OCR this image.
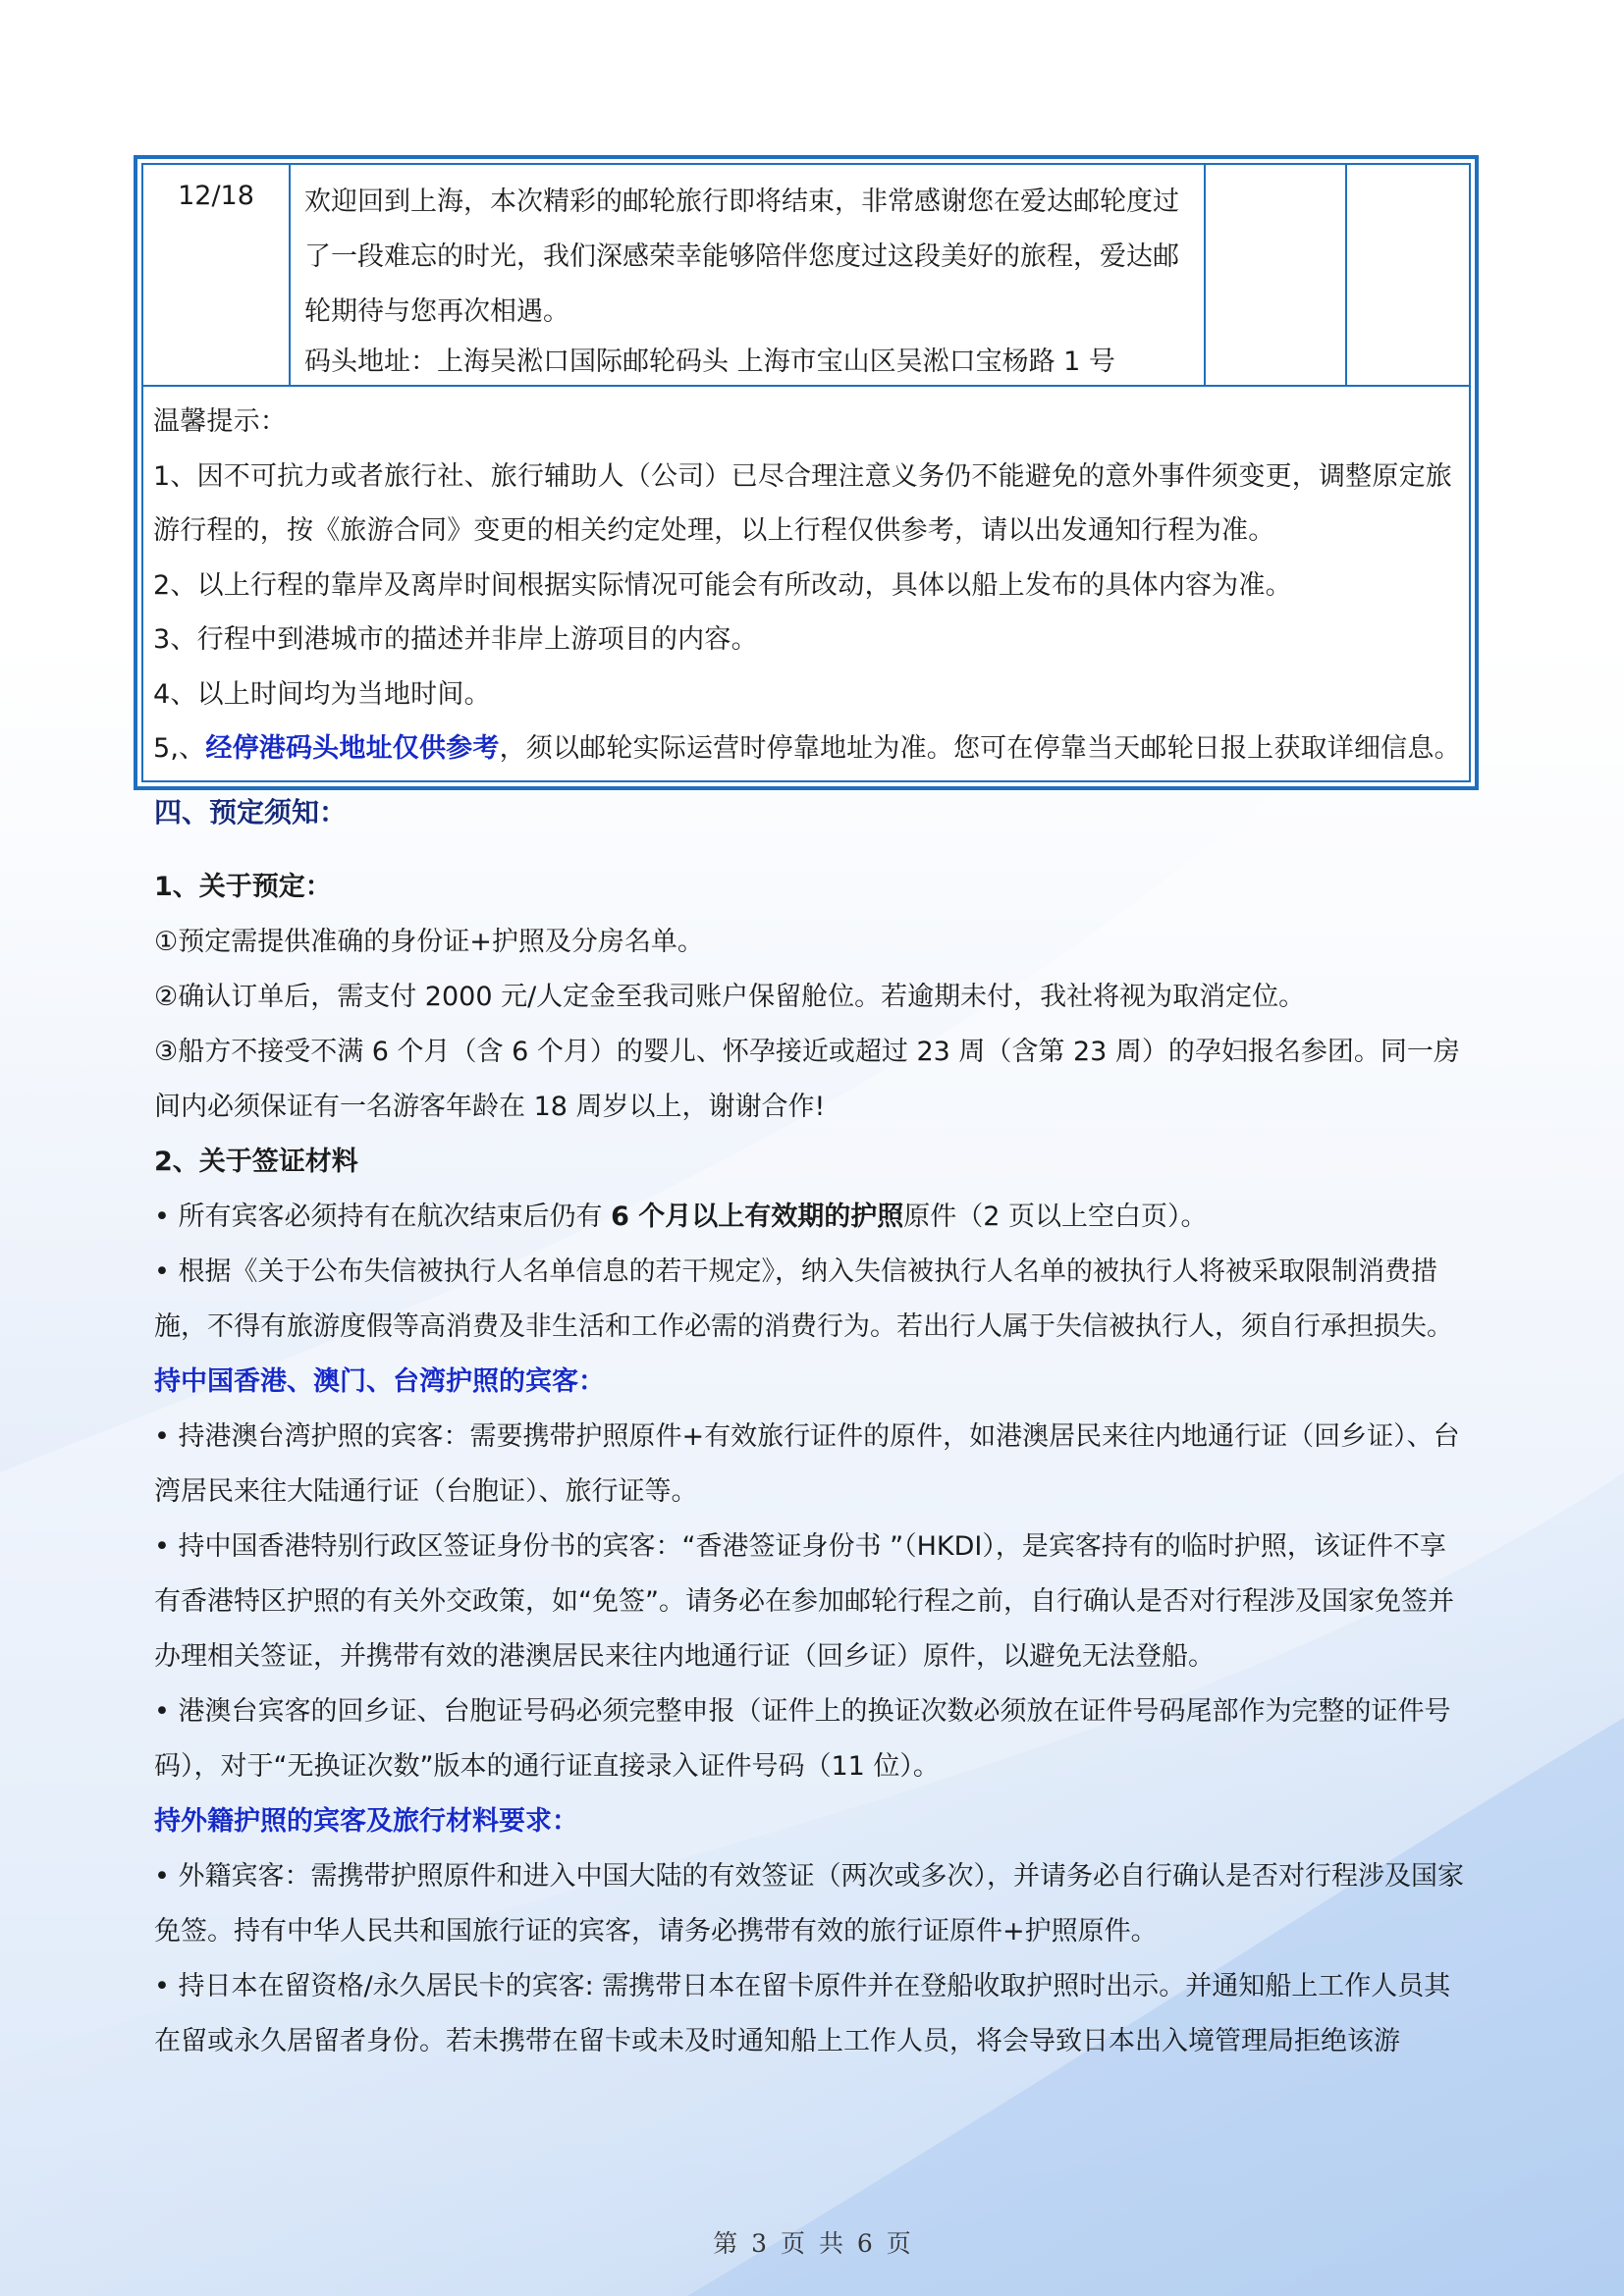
12/18	欢迎回到上海，本次精彩的邮轮旅行即将结束，非常感谢您在爱达邮轮度过
了一段难忘的时光，我们深感荣幸能够陪伴您度过这段美好的旅程，爱达邮
轮期待与您再次相遇。
码头地址：上海吴淞口国际邮轮码头 上海市宝山区吴淞口宝杨路 1 号

温馨提示：

1、因不可抗力或者旅行社、旅行辅助人（公司）已尽合理注意义务仍不能避免的意外事件须变更，调整原定旅游行程的，按《旅游合同》变更的相关约定处理，以上行程仅供参考，请以出发通知行程为准。

2、以上行程的靠岸及离岸时间根据实际情况可能会有所改动，具体以船上发布的具体内容为准。

3、行程中到港城市的描述并非岸上游项目的内容。

4、以上时间均为当地时间。

5,、经停港码头地址仅供参考，须以邮轮实际运营时停靠地址为准。您可在停靠当天邮轮日报上获取详细信息。

四、预定须知：

1、关于预定：

①预定需提供准确的身份证+护照及分房名单。

②确认订单后，需支付 2000 元/人定金至我司账户保留舱位。若逾期未付，我社将视为取消定位。

③船方不接受不满 6 个月（含 6 个月）的婴儿、怀孕接近或超过 23 周（含第 23 周）的孕妇报名参团。同一房间内必须保证有一名游客年龄在 18 周岁以上，谢谢合作!

2、关于签证材料

• 所有宾客必须持有在航次结束后仍有 6 个月以上有效期的护照原件（2 页以上空白页）。

• 根据《关于公布失信被执行人名单信息的若干规定》，纳入失信被执行人名单的被执行人将被采取限制消费措施，不得有旅游度假等高消费及非生活和工作必需的消费行为。若出行人属于失信被执行人，须自行承担损失。

持中国香港、澳门、台湾护照的宾客：

• 持港澳台湾护照的宾客：需要携带护照原件+有效旅行证件的原件，如港澳居民来往内地通行证（回乡证）、台湾居民来往大陆通行证（台胞证）、旅行证等。

• 持中国香港特别行政区签证身份书的宾客：“香港签证身份书 ”（HKDI），是宾客持有的临时护照，该证件不享有香港特区护照的有关外交政策，如“免签”。请务必在参加邮轮行程之前，自行确认是否对行程涉及国家免签并办理相关签证，并携带有效的港澳居民来往内地通行证（回乡证）原件，以避免无法登船。

• 港澳台宾客的回乡证、台胞证号码必须完整申报（证件上的换证次数必须放在证件号码尾部作为完整的证件号码），对于“无换证次数”版本的通行证直接录入证件号码（11 位）。

持外籍护照的宾客及旅行材料要求：

• 外籍宾客：需携带护照原件和进入中国大陆的有效签证（两次或多次），并请务必自行确认是否对行程涉及国家免签。持有中华人民共和国旅行证的宾客，请务必携带有效的旅行证原件+护照原件。

• 持日本在留资格/永久居民卡的宾客: 需携带日本在留卡原件并在登船收取护照时出示。并通知船上工作人员其在留或永久居留者身份。若未携带在留卡或未及时通知船上工作人员，将会导致日本出入境管理局拒绝该游

第 3 页 共 6 页
